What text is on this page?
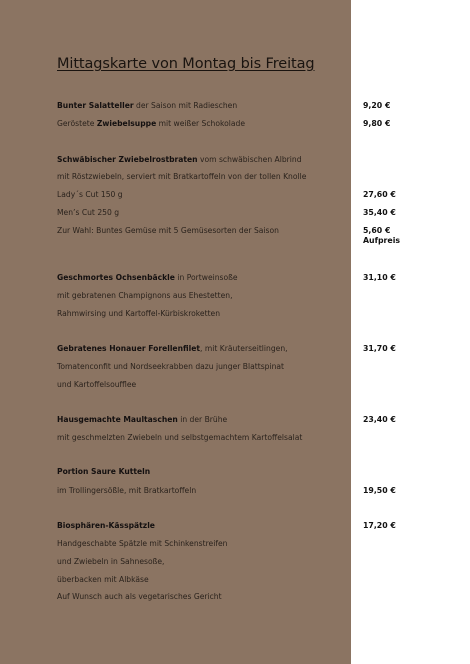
Mittagskarte von Montag bis Freitag
Bunter Salatteller der Saison mit Radieschen
Geröstete Zwiebelsuppe mit weißer Schokolade
Schwäbischer Zwiebelrostbraten vom schwäbischen Albrind
mit Röstzwiebeln, serviert mit Bratkartoffeln von der tollen Knolle
Lady´s Cut 150 g
Men’s Cut 250 g
Zur Wahl: Buntes Gemüse mit 5 Gemüsesorten der Saison
Geschmortes Ochsenbäckle in Portweinsoße
mit gebratenen Champignons aus Ehestetten,
Rahmwirsing und Kartoffel-Kürbiskroketten
Gebratenes Honauer Forellenfilet, mit Kräuterseitlingen,
Tomatenconfit und Nordseekrabben dazu junger Blattspinat
und Kartoffelsoufflee
Hausgemachte Maultaschen in der Brühe
mit geschmelzten Zwiebeln und selbstgemachtem Kartoffelsalat
Portion Saure Kutteln
im Trollingersößle, mit Bratkartoffeln
Biosphären-Kässpätzle
Handgeschabte Spätzle mit Schinkenstreifen
und Zwiebeln in Sahnesoße,
überbacken mit Albkäse
Auf Wunsch auch als vegetarisches Gericht
9,20 €
9,80 €
27,60 €
35,40 €
5,60 €
Aufpreis
31,10 €
31,70 €
23,40 €
19,50 €
17,20 €
